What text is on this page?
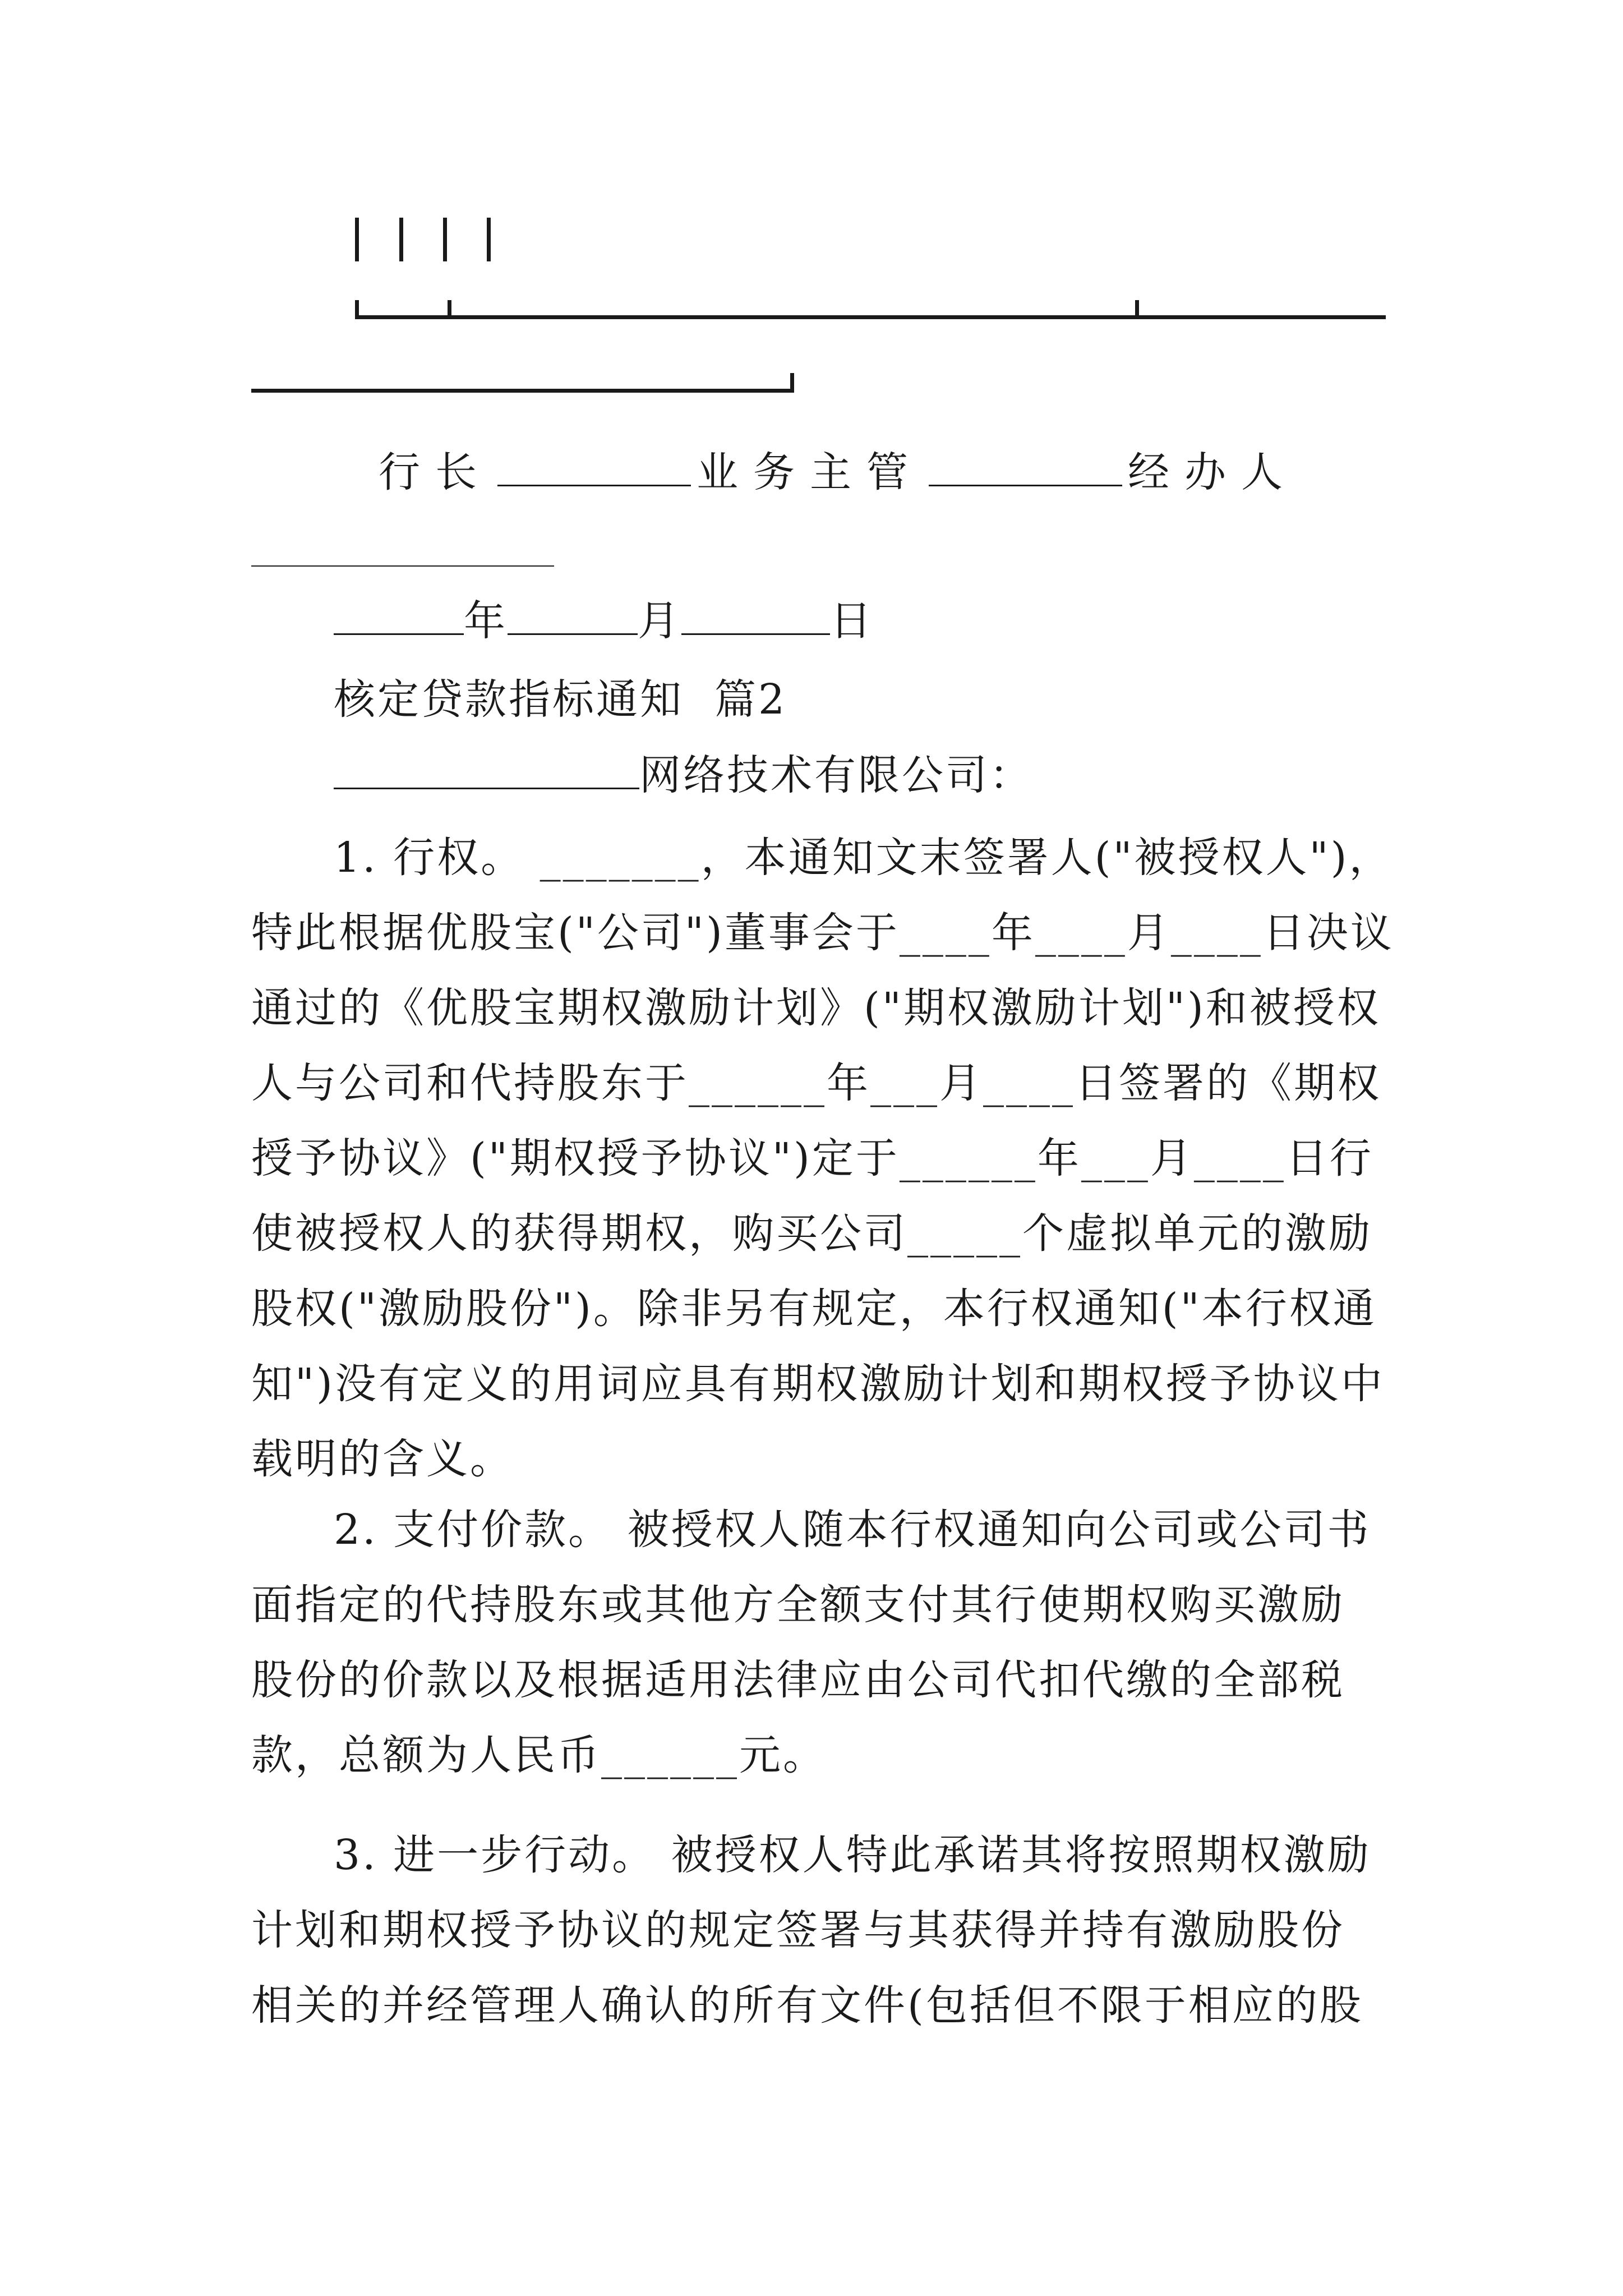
行长	业务主管	经办人
年	月	日
核定贷款指标通知  篇2
网络技术有限公司：
1. 行权。 _______，本通知文末签署人("被授权人")，
特此根据优股宝("公司")董事会于____年____月____日决议
通过的《优股宝期权激励计划》("期权激励计划")和被授权
人与公司和代持股东于______年___月____日签署的《期权
授予协议》("期权授予协议")定于______年___月____日行
使被授权人的获得期权，购买公司_____个虚拟单元的激励
股权("激励股份")。除非另有规定，本行权通知("本行权通
知")没有定义的用词应具有期权激励计划和期权授予协议中
载明的含义。
2. 支付价款。 被授权人随本行权通知向公司或公司书
面指定的代持股东或其他方全额支付其行使期权购买激励
股份的价款以及根据适用法律应由公司代扣代缴的全部税
款，总额为人民币______元。
3. 进一步行动。 被授权人特此承诺其将按照期权激励
计划和期权授予协议的规定签署与其获得并持有激励股份
相关的并经管理人确认的所有文件(包括但不限于相应的股
